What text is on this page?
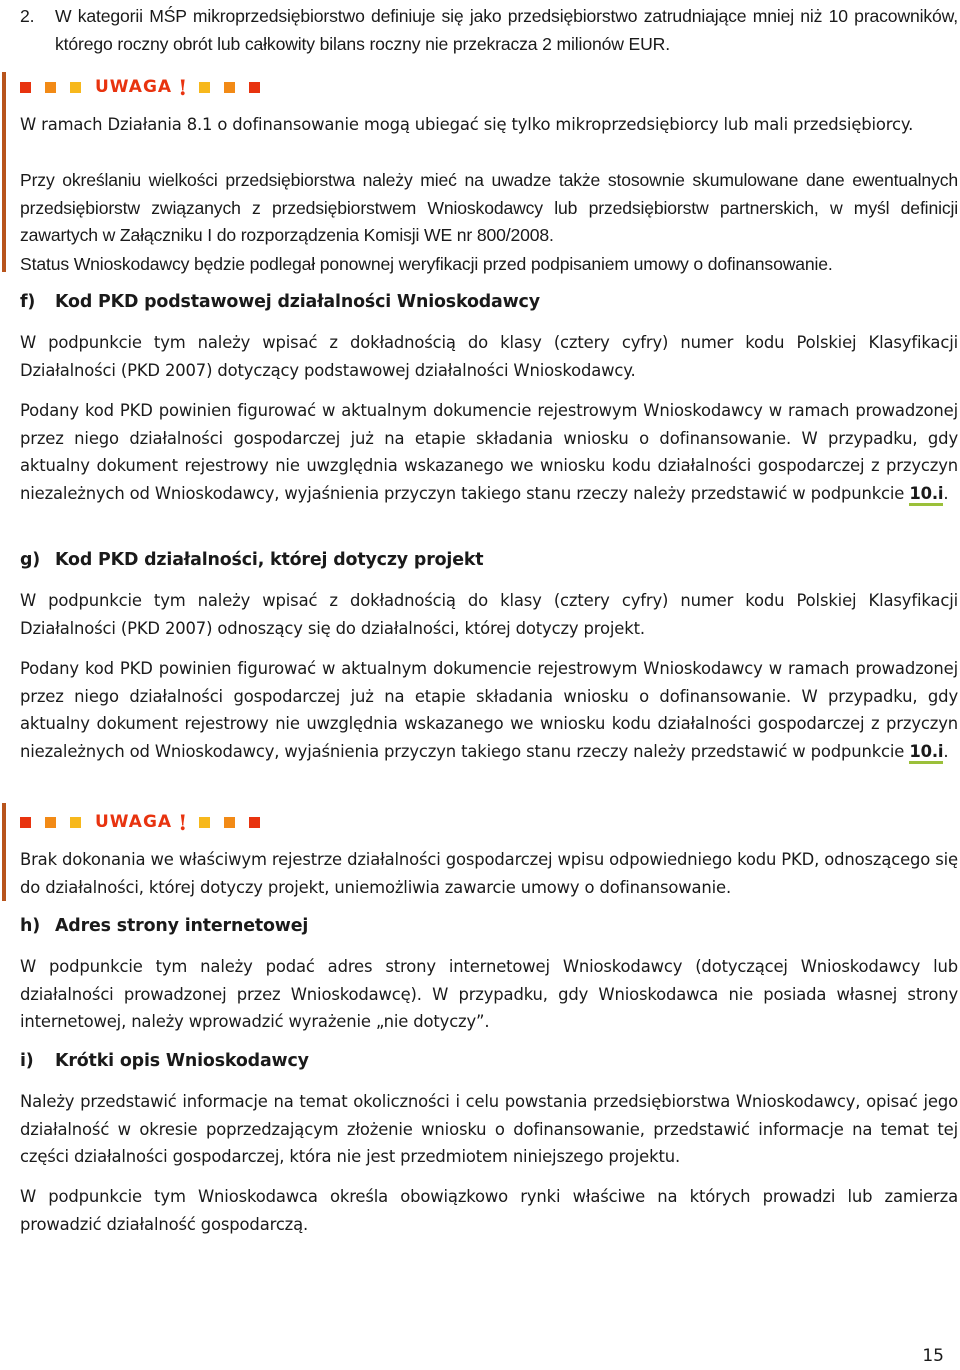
2. W kategorii MŚP mikroprzedsiębiorstwo definiuje się jako przedsiębiorstwo zatrudniające mniej niż 10 pracowników, którego roczny obrót lub całkowity bilans roczny nie przekracza 2 milionów EUR.
UWAGA !
W ramach Działania 8.1 o dofinansowanie mogą ubiegać się tylko mikroprzedsiębiorcy lub mali przedsiębiorcy.
Przy określaniu wielkości przedsiębiorstwa należy mieć na uwadze także stosownie skumulowane dane ewentualnych przedsiębiorstw związanych z przedsiębiorstwem Wnioskodawcy lub przedsiębiorstw partnerskich, w myśl definicji zawartych w Załączniku I do rozporządzenia Komisji WE nr 800/2008.
Status Wnioskodawcy będzie podlegał ponownej weryfikacji przed podpisaniem umowy o dofinansowanie.
f) Kod PKD podstawowej działalności Wnioskodawcy
W podpunkcie tym należy wpisać z dokładnością do klasy (cztery cyfry) numer kodu Polskiej Klasyfikacji Działalności (PKD 2007) dotyczący podstawowej działalności Wnioskodawcy.
Podany kod PKD powinien figurować w aktualnym dokumencie rejestrowym Wnioskodawcy w ramach prowadzonej przez niego działalności gospodarczej już na etapie składania wniosku o dofinansowanie. W przypadku, gdy aktualny dokument rejestrowy nie uwzględnia wskazanego we wniosku kodu działalności gospodarczej z przyczyn niezależnych od Wnioskodawcy, wyjaśnienia przyczyn takiego stanu rzeczy należy przedstawić w podpunkcie 10.i.
g) Kod PKD działalności, której dotyczy projekt
W podpunkcie tym należy wpisać z dokładnością do klasy (cztery cyfry) numer kodu Polskiej Klasyfikacji Działalności (PKD 2007) odnoszący się do działalności, której dotyczy projekt.
Podany kod PKD powinien figurować w aktualnym dokumencie rejestrowym Wnioskodawcy w ramach prowadzonej przez niego działalności gospodarczej już na etapie składania wniosku o dofinansowanie. W przypadku, gdy aktualny dokument rejestrowy nie uwzględnia wskazanego we wniosku kodu działalności gospodarczej z przyczyn niezależnych od Wnioskodawcy, wyjaśnienia przyczyn takiego stanu rzeczy należy przedstawić w podpunkcie 10.i.
UWAGA !
Brak dokonania we właściwym rejestrze działalności gospodarczej wpisu odpowiedniego kodu PKD, odnoszącego się do działalności, której dotyczy projekt, uniemożliwia zawarcie umowy o dofinansowanie.
h) Adres strony internetowej
W podpunkcie tym należy podać adres strony internetowej Wnioskodawcy (dotyczącej Wnioskodawcy lub działalności prowadzonej przez Wnioskodawcę). W przypadku, gdy Wnioskodawca nie posiada własnej strony internetowej, należy wprowadzić wyrażenie „nie dotyczy”.
i) Krótki opis Wnioskodawcy
Należy przedstawić informacje na temat okoliczności i celu powstania przedsiębiorstwa Wnioskodawcy, opisać jego działalność w okresie poprzedzającym złożenie wniosku o dofinansowanie, przedstawić informacje na temat tej części działalności gospodarczej, która nie jest przedmiotem niniejszego projektu.
W podpunkcie tym Wnioskodawca określa obowiązkowo rynki właściwe na których prowadzi lub zamierza prowadzić działalność gospodarczą.
15
